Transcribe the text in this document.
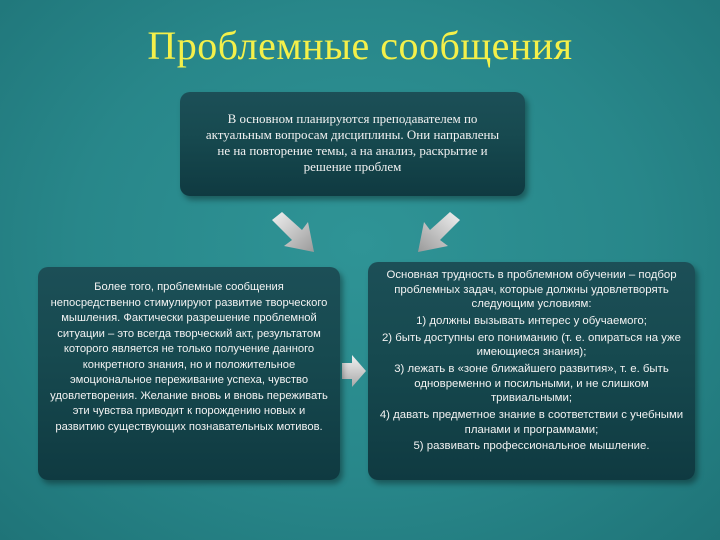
Проблемные сообщения
В основном планируются преподавателем по актуальным вопросам дисциплины. Они направлены не на повторение темы, а на анализ, раскрытие и решение проблем
Более того, проблемные сообщения непосредственно стимулируют развитие творческого мышления. Фактически разрешение проблемной ситуации – это всегда творческий акт, результатом которого является не только получение данного конкретного знания, но и положительное эмоциональное переживание успеха, чувство удовлетворения. Желание вновь и вновь переживать эти чувства приводит к порождению новых и развитию существующих познавательных мотивов.

Основная трудность в проблемном обучении – подбор проблемных задач, которые должны удовлетворять следующим условиям:

1) должны вызывать интерес у обучаемого;

2) быть доступны его пониманию (т. е. опираться на уже имеющиеся знания);

3) лежать в «зоне ближайшего развития», т. е. быть одновременно и посильными, и не слишком тривиальными;

4) давать предметное знание в соответствии с учебными планами и программами;

5) развивать профессиональное мышление.
